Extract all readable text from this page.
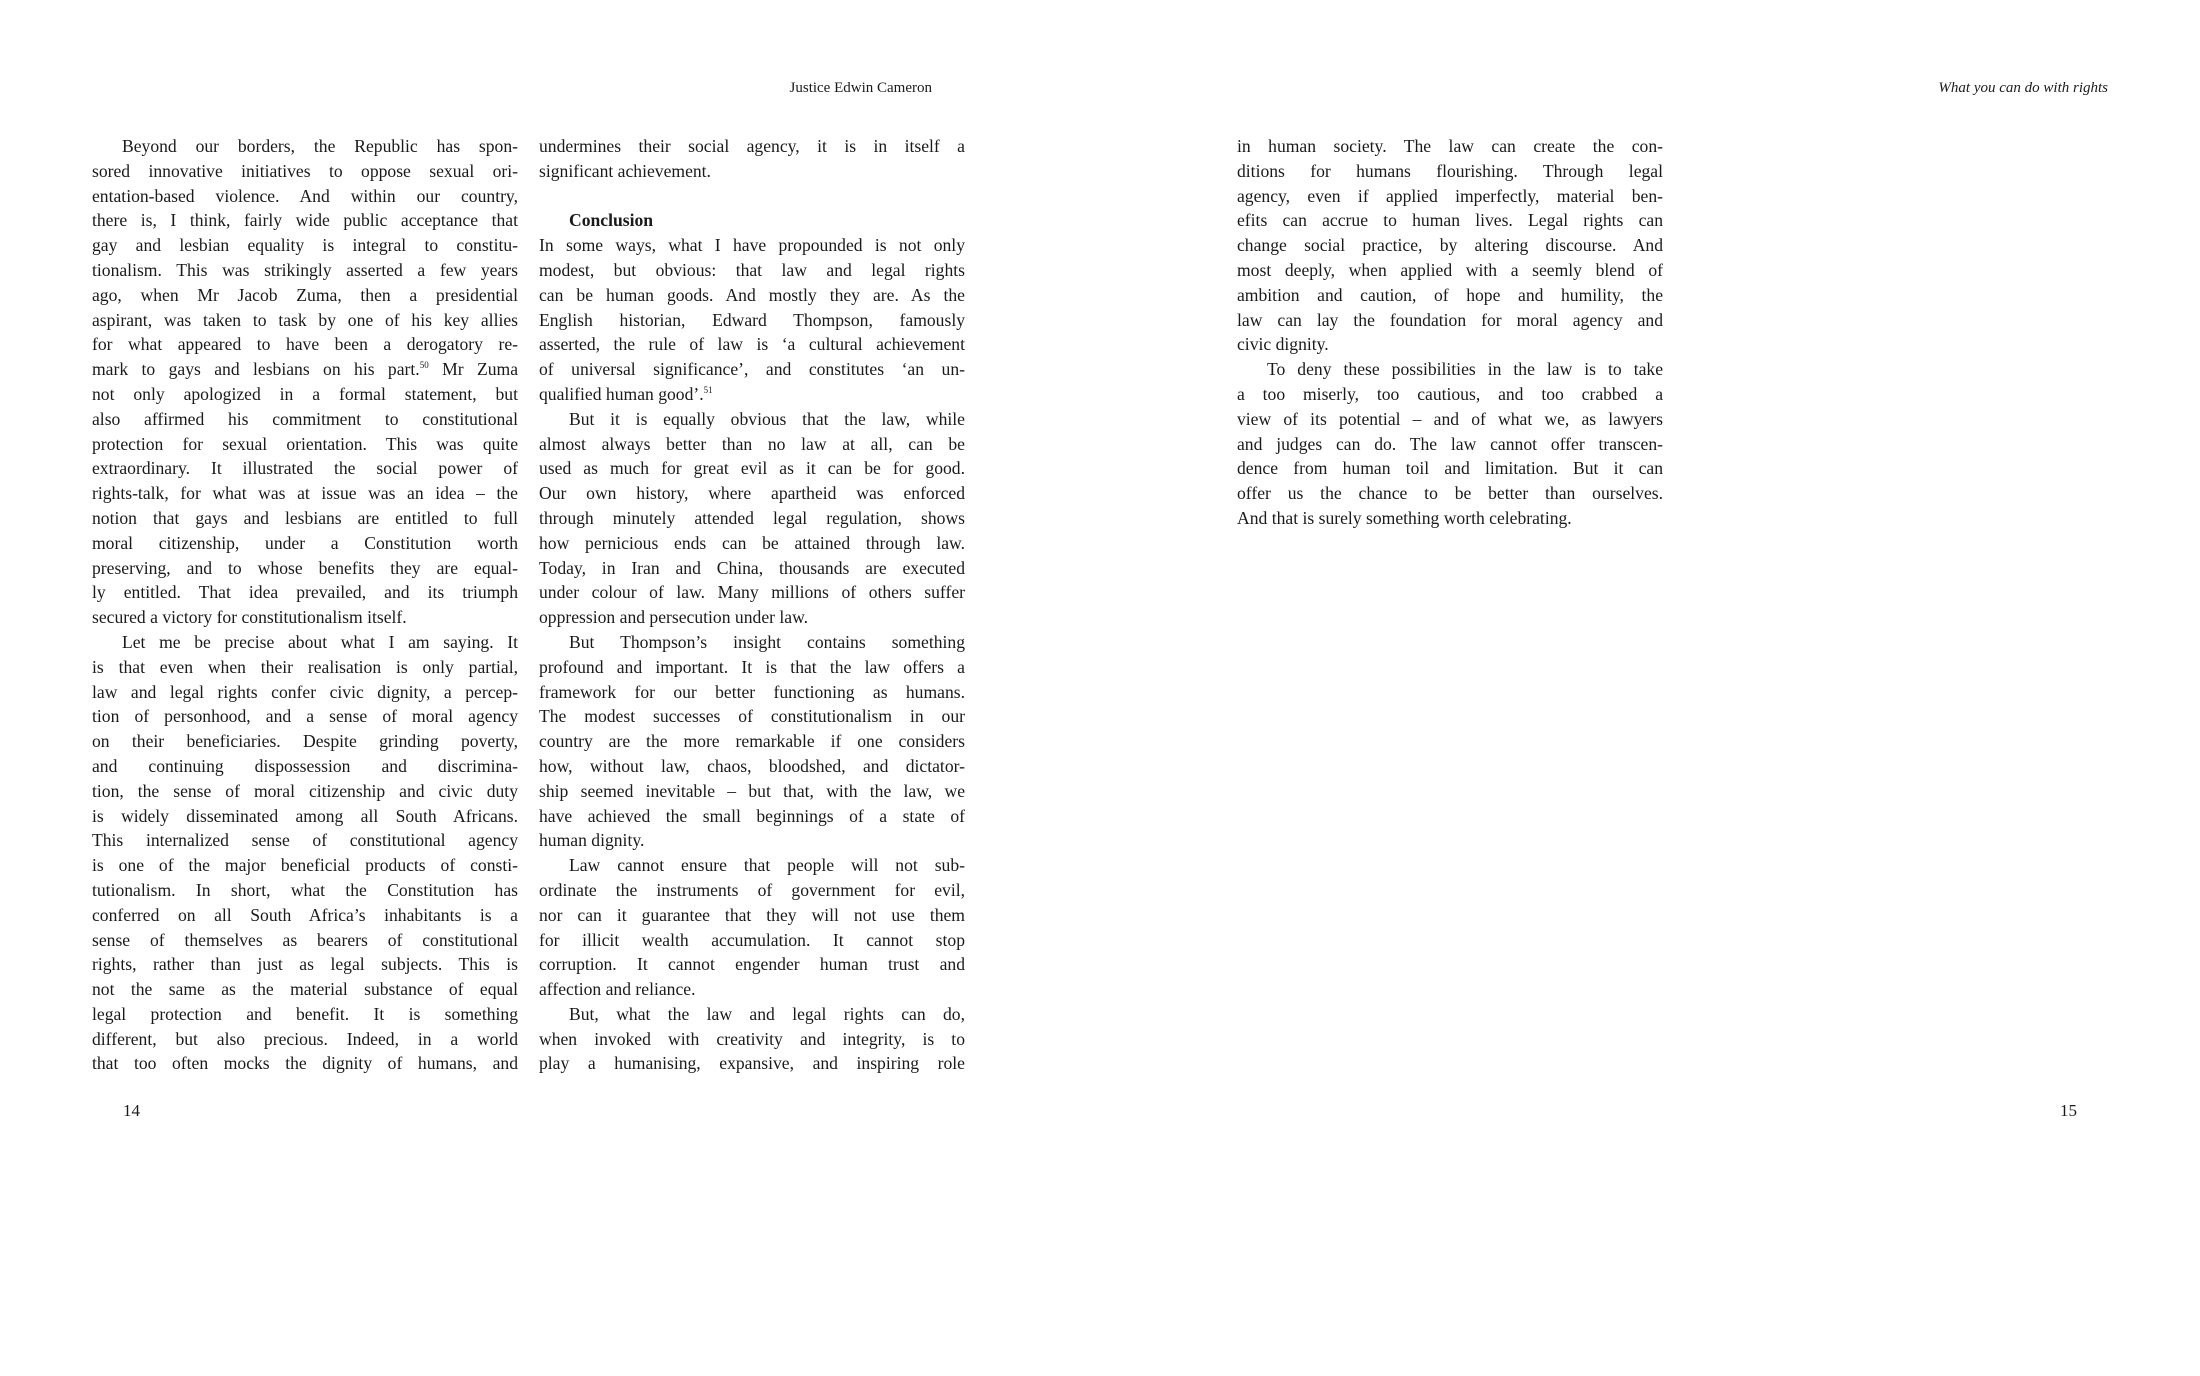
Justice Edwin Cameron	What you can do with rights
Beyond our borders, the Republic has spon-
sored innovative initiatives to oppose sexual ori-
entation-based violence. And within our country,
there is, I think, fairly wide public acceptance that
gay and lesbian equality is integral to constitu-
tionalism. This was strikingly asserted a few years
ago, when Mr Jacob Zuma, then a presidential
aspirant, was taken to task by one of his key allies
for what appeared to have been a derogatory re-
mark to gays and lesbians on his part.$^{50}$ Mr Zuma
not only apologized in a formal statement, but
also affirmed his commitment to constitutional
protection for sexual orientation. This was quite
extraordinary. It illustrated the social power of
rights-talk, for what was at issue was an idea – the
notion that gays and lesbians are entitled to full
moral citizenship, under a Constitution worth
preserving, and to whose benefits they are equal-
ly entitled. That idea prevailed, and its triumph
secured a victory for constitutionalism itself.
Let me be precise about what I am saying. It
is that even when their realisation is only partial,
law and legal rights confer civic dignity, a percep-
tion of personhood, and a sense of moral agency
on their beneficiaries. Despite grinding poverty,
and continuing dispossession and discrimina-
tion, the sense of moral citizenship and civic duty
is widely disseminated among all South Africans.
This internalized sense of constitutional agency
is one of the major beneficial products of consti-
tutionalism. In short, what the Constitution has
conferred on all South Africa’s inhabitants is a
sense of themselves as bearers of constitutional
rights, rather than just as legal subjects. This is
not the same as the material substance of equal
legal protection and benefit. It is something
different, but also precious. Indeed, in a world
that too often mocks the dignity of humans, and
undermines their social agency, it is in itself a
significant achievement.
Conclusion
In some ways, what I have propounded is not only
modest, but obvious: that law and legal rights
can be human goods. And mostly they are. As the
English historian, Edward Thompson, famously
asserted, the rule of law is ‘a cultural achievement
of universal significance’, and constitutes ‘an un-
qualified human good’.$^{51}$
But it is equally obvious that the law, while
almost always better than no law at all, can be
used as much for great evil as it can be for good.
Our own history, where apartheid was enforced
through minutely attended legal regulation, shows
how pernicious ends can be attained through law.
Today, in Iran and China, thousands are executed
under colour of law. Many millions of others suffer
oppression and persecution under law.
But Thompson’s insight contains something
profound and important. It is that the law offers a
framework for our better functioning as humans.
The modest successes of constitutionalism in our
country are the more remarkable if one considers
how, without law, chaos, bloodshed, and dictator-
ship seemed inevitable – but that, with the law, we
have achieved the small beginnings of a state of
human dignity.
Law cannot ensure that people will not sub-
ordinate the instruments of government for evil,
nor can it guarantee that they will not use them
for illicit wealth accumulation. It cannot stop
corruption. It cannot engender human trust and
affection and reliance.
But, what the law and legal rights can do,
when invoked with creativity and integrity, is to
play a humanising, expansive, and inspiring role
in human society. The law can create the con-
ditions for humans flourishing. Through legal
agency, even if applied imperfectly, material ben-
efits can accrue to human lives. Legal rights can
change social practice, by altering discourse. And
most deeply, when applied with a seemly blend of
ambition and caution, of hope and humility, the
law can lay the foundation for moral agency and
civic dignity.
To deny these possibilities in the law is to take
a too miserly, too cautious, and too crabbed a
view of its potential – and of what we, as lawyers
and judges can do. The law cannot offer transcen-
dence from human toil and limitation. But it can
offer us the chance to be better than ourselves.
And that is surely something worth celebrating.
14	15
